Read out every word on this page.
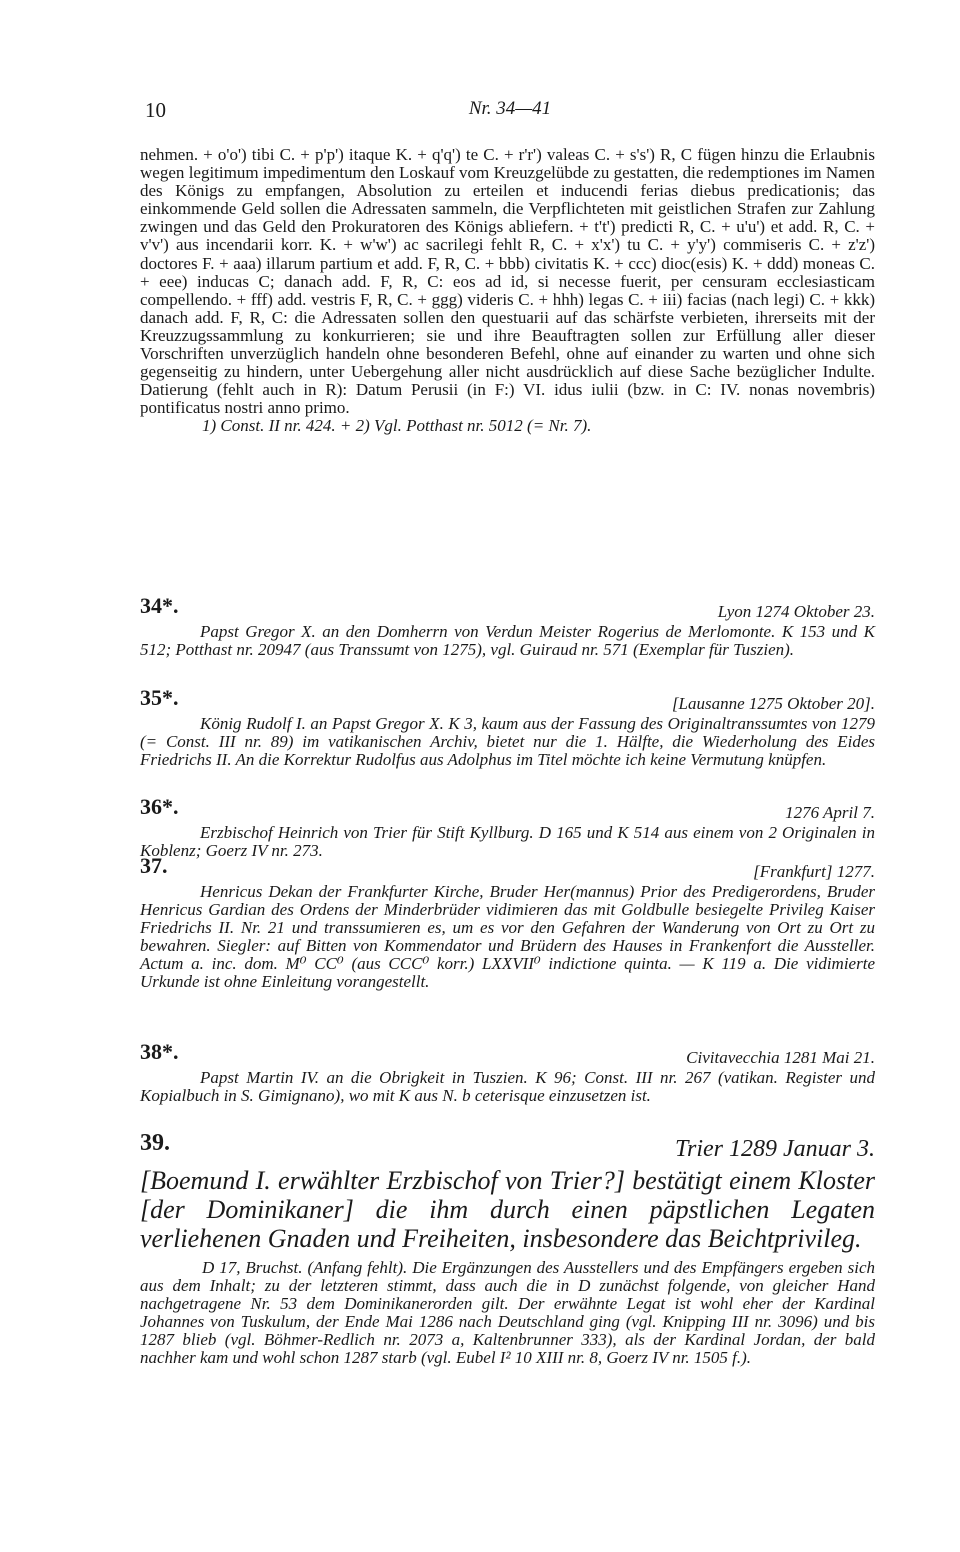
10	Nr. 34—41

nehmen. + o'o') tibi C. + p'p') itaque K. + q'q') te C. + r'r') valeas C. + s's') R, C fügen hinzu die Erlaubnis wegen legitimum impedimentum den Loskauf vom Kreuzgelübde zu gestatten, die redemptiones im Namen des Königs zu empfangen, Absolution zu erteilen et inducendi ferias diebus predicationis; das einkommende Geld sollen die Adressaten sammeln, die Verpflichteten mit geistlichen Strafen zur Zahlung zwingen und das Geld den Prokuratoren des Königs abliefern. + t't') predicti R, C. + u'u') et add. R, C. + v'v') aus incendarii korr. K. + w'w') ac sacrilegi fehlt R, C. + x'x') tu C. + y'y') commiseris C. + z'z') doctores F. + aaa) illarum partium et add. F, R, C. + bbb) civitatis K. + ccc) dioc(esis) K. + ddd) moneas C. + eee) inducas C; danach add. F, R, C: eos ad id, si necesse fuerit, per censuram ecclesiasticam compellendo. + fff) add. vestris F, R, C. + ggg) videris C. + hhh) legas C. + iii) facias (nach legi) C. + kkk) danach add. F, R, C: die Adressaten sollen den questuarii auf das schärfste verbieten, ihrerseits mit der Kreuzzugssammlung zu konkurrieren; sie und ihre Beauftragten sollen zur Erfüllung aller dieser Vorschriften unverzüglich handeln ohne besonderen Befehl, ohne auf einander zu warten und ohne sich gegenseitig zu hindern, unter Uebergehung aller nicht ausdrücklich auf diese Sache bezüglicher Indulte. Datierung (fehlt auch in R): Datum Perusii (in F:) VI. idus iulii (bzw. in C: IV. nonas novembris) pontificatus nostri anno primo.

1) Const. II nr. 424. + 2) Vgl. Potthast nr. 5012 (= Nr. 7).

34*.	Lyon 1274 Oktober 23.

Papst Gregor X. an den Domherrn von Verdun Meister Rogerius de Merlomonte. K 153 und K 512; Potthast nr. 20947 (aus Transsumt von 1275), vgl. Guiraud nr. 571 (Exemplar für Tuszien).

35*.	[Lausanne 1275 Oktober 20].

König Rudolf I. an Papst Gregor X. K 3, kaum aus der Fassung des Originaltranssumtes von 1279 (= Const. III nr. 89) im vatikanischen Archiv, bietet nur die 1. Hälfte, die Wiederholung des Eides Friedrichs II. An die Korrektur Rudolfus aus Adolphus im Titel möchte ich keine Vermutung knüpfen.

36*.	1276 April 7.

Erzbischof Heinrich von Trier für Stift Kyllburg. D 165 und K 514 aus einem von 2 Originalen in Koblenz; Goerz IV nr. 273.

37.	[Frankfurt] 1277.

Henricus Dekan der Frankfurter Kirche, Bruder Her(mannus) Prior des Predigerordens, Bruder Henricus Gardian des Ordens der Minderbrüder vidimieren das mit Goldbulle besiegelte Privileg Kaiser Friedrichs II. Nr. 21 und transsumieren es, um es vor den Gefahren der Wanderung von Ort zu Ort zu bewahren. Siegler: auf Bitten von Kommendator und Brüdern des Hauses in Frankenfort die Aussteller. Actum a. inc. dom. M⁰ CC⁰ (aus CCC⁰ korr.) LXXVII⁰ indictione quinta. — K 119 a. Die vidimierte Urkunde ist ohne Einleitung vorangestellt.

38*.	Civitavecchia 1281 Mai 21.

Papst Martin IV. an die Obrigkeit in Tuszien. K 96; Const. III nr. 267 (vatikan. Register und Kopialbuch in S. Gimignano), wo mit K aus N. b ceterisque einzusetzen ist.

39.	Trier 1289 Januar 3.

[Boemund I. erwählter Erzbischof von Trier?] bestätigt einem Kloster [der Dominikaner] die ihm durch einen päpstlichen Legaten verliehenen Gnaden und Freiheiten, insbesondere das Beichtprivileg.

D 17, Bruchst. (Anfang fehlt). Die Ergänzungen des Ausstellers und des Empfängers ergeben sich aus dem Inhalt; zu der letzteren stimmt, dass auch die in D zunächst folgende, von gleicher Hand nachgetragene Nr. 53 dem Dominikanerorden gilt. Der erwähnte Legat ist wohl eher der Kardinal Johannes von Tuskulum, der Ende Mai 1286 nach Deutschland ging (vgl. Knipping III nr. 3096) und bis 1287 blieb (vgl. Böhmer-Redlich nr. 2073 a, Kaltenbrunner 333), als der Kardinal Jordan, der bald nachher kam und wohl schon 1287 starb (vgl. Eubel I² 10 XIII nr. 8, Goerz IV nr. 1505 f.).
